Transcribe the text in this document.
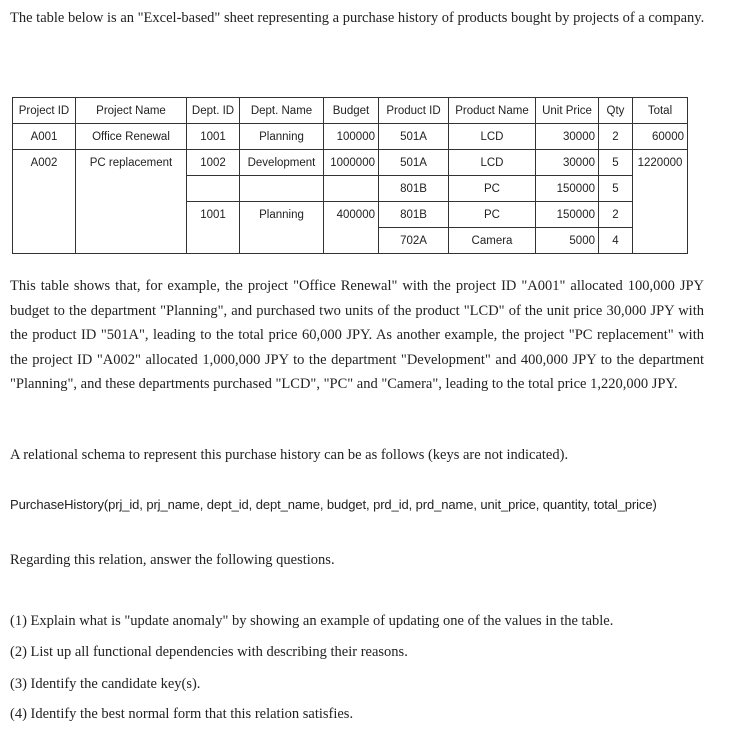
The table below is an "Excel-based" sheet representing a purchase history of products bought by projects of a company.
Project ID	Project Name	Dept. ID	Dept. Name	Budget	Product ID	Product Name	Unit Price	Qty	Total
A001	Office Renewal	1001	Planning	100000	501A	LCD	30000	2	60000
A002	PC replacement	1002	Development	1000000	501A	LCD	30000	5	1220000
					801B	PC	150000	5	
		1001	Planning	400000	801B	PC	150000	2	
					702A	Camera	5000	4	
This table shows that, for example, the project "Office Renewal" with the project ID "A001" allocated 100,000 JPY budget to the department "Planning", and purchased two units of the product "LCD" of the unit price 30,000 JPY with the product ID "501A", leading to the total price 60,000 JPY. As another example, the project "PC replacement" with the project ID "A002" allocated 1,000,000 JPY to the department "Development" and 400,000 JPY to the department "Planning", and these departments purchased "LCD", "PC" and "Camera", leading to the total price 1,220,000 JPY.
A relational schema to represent this purchase history can be as follows (keys are not indicated).
PurchaseHistory(prj_id, prj_name, dept_id, dept_name, budget, prd_id, prd_name, unit_price, quantity, total_price)
Regarding this relation, answer the following questions.
(1) Explain what is "update anomaly" by showing an example of updating one of the values in the table.
(2) List up all functional dependencies with describing their reasons.
(3) Identify the candidate key(s).
(4) Identify the best normal form that this relation satisfies.
